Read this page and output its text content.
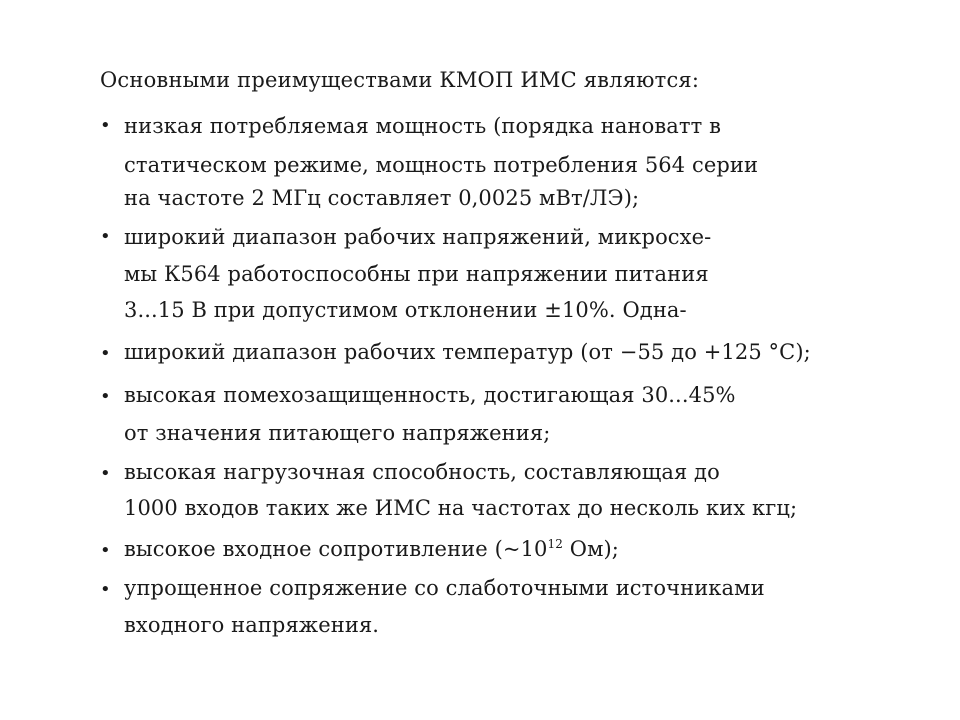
Основными преимуществами КМОП ИМС являются:
• низкая потребляемая мощность (порядка нановатт в
статическом режиме, мощность потребления 564 серии
на частоте 2 МГц составляет 0,0025 мВт/ЛЭ);
• широкий диапазон рабочих напряжений, микросхе-
мы К564 работоспособны при напряжении питания
3...15 В при допустимом отклонении ±10%. Одна-
• широкий диапазон рабочих температур (от −55 до +125 °С);
• высокая помехозащищенность, достигающая 30...45%
от значения питающего напряжения;
• высокая нагрузочная способность, составляющая до
1000 входов таких же ИМС на частотах до несколь ких кгц;
• высокое входное сопротивление ($\sim 10^{12}$ Ом);
• упрощенное сопряжение со слаботочными источниками
входного напряжения.
